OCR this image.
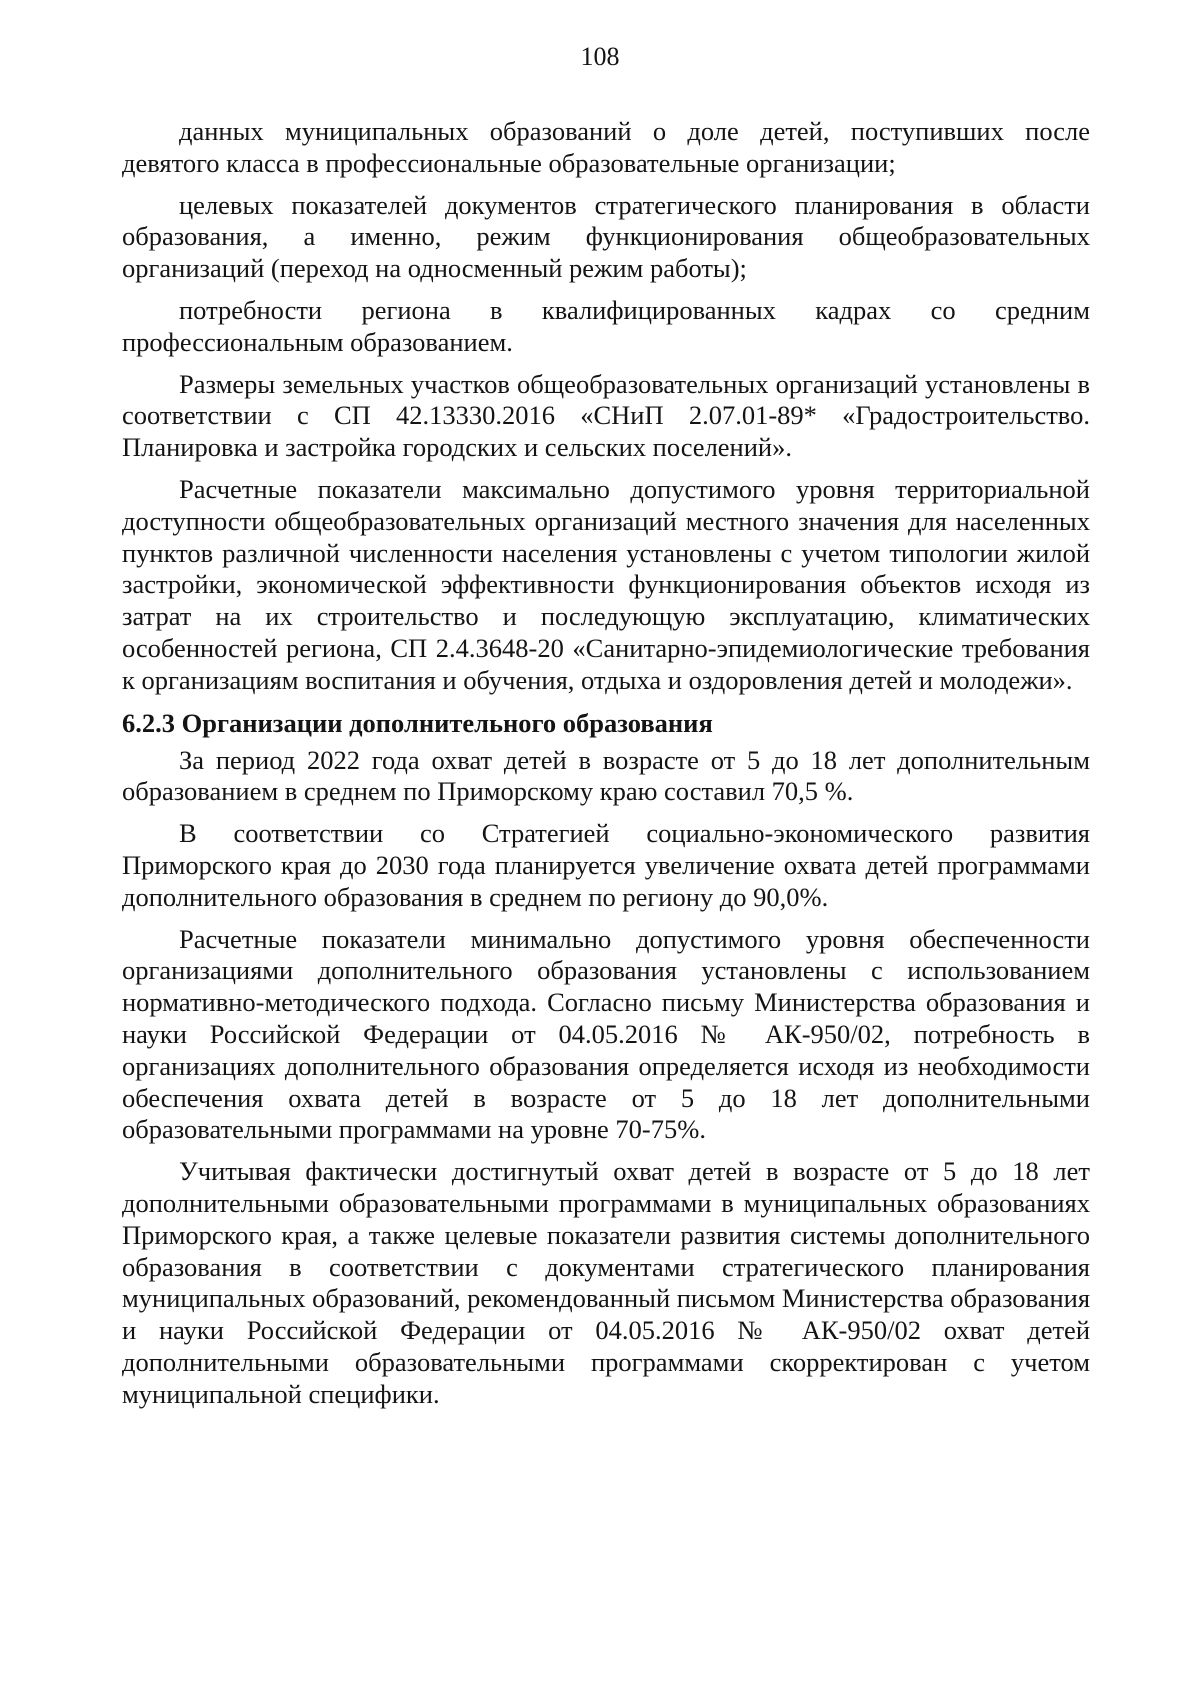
108

данных муниципальных образований о доле детей, поступивших после девятого класса в профессиональные образовательные организации;

целевых показателей документов стратегического планирования в области образования, а именно, режим функционирования общеобразовательных организаций (переход на односменный режим работы);

потребности региона в квалифицированных кадрах со средним профессиональным образованием.

Размеры земельных участков общеобразовательных организаций установлены в соответствии с СП 42.13330.2016 «СНиП 2.07.01-89* «Градостроительство. Планировка и застройка городских и сельских поселений».

Расчетные показатели максимально допустимого уровня территориальной доступности общеобразовательных организаций местного значения для населенных пунктов различной численности населения установлены с учетом типологии жилой застройки, экономической эффективности функционирования объектов исходя из затрат на их строительство и последующую эксплуатацию, климатических особенностей региона, СП 2.4.3648-20 «Санитарно-эпидемиологические требования к организациям воспитания и обучения, отдыха и оздоровления детей и молодежи».

6.2.3 Организации дополнительного образования

За период 2022 года охват детей в возрасте от 5 до 18 лет дополнительным образованием в среднем по Приморскому краю составил 70,5 %.

В соответствии со Стратегией социально-экономического развития Приморского края до 2030 года планируется увеличение охвата детей программами дополнительного образования в среднем по региону до 90,0%.

Расчетные показатели минимально допустимого уровня обеспеченности организациями дополнительного образования установлены с использованием нормативно-методического подхода. Согласно письму Министерства образования и науки Российской Федерации от 04.05.2016 № АК-950/02, потребность в организациях дополнительного образования определяется исходя из необходимости обеспечения охвата детей в возрасте от 5 до 18 лет дополнительными образовательными программами на уровне 70-75%.

Учитывая фактически достигнутый охват детей в возрасте от 5 до 18 лет дополнительными образовательными программами в муниципальных образованиях Приморского края, а также целевые показатели развития системы дополнительного образования в соответствии с документами стратегического планирования муниципальных образований, рекомендованный письмом Министерства образования и науки Российской Федерации от 04.05.2016 № АК-950/02 охват детей дополнительными образовательными программами скорректирован с учетом муниципальной специфики.
